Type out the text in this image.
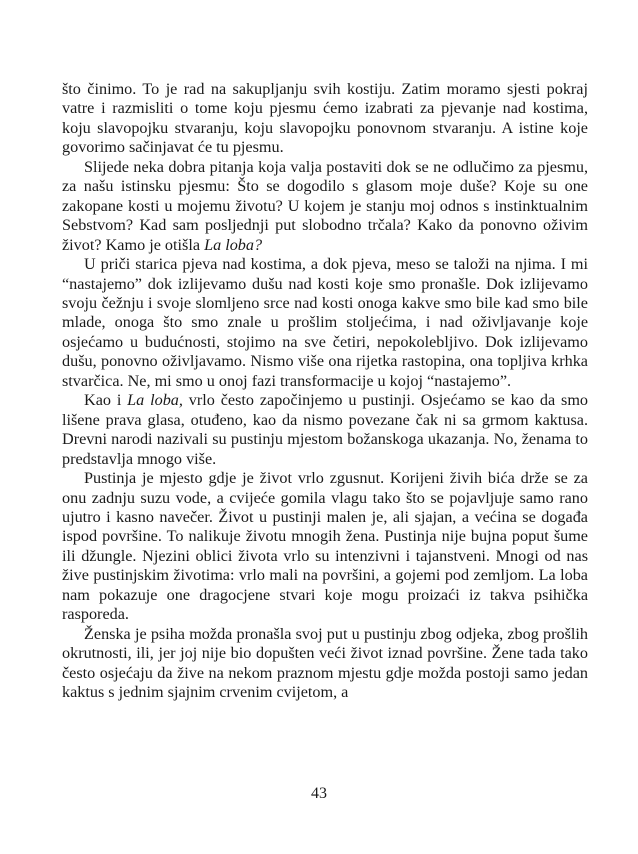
što činimo. To je rad na sakupljanju svih kostiju. Zatim moramo sjesti pokraj vatre i razmisliti o tome koju pjesmu ćemo izabrati za pjevanje nad kostima, koju slavopojku stvaranju, koju slavopojku ponovnom stvaranju. A istine koje govorimo sačinjavat će tu pjesmu.

Slijede neka dobra pitanja koja valja postaviti dok se ne odlučimo za pjesmu, za našu istinsku pjesmu: Što se dogodilo s glasom moje duše? Koje su one zakopane kosti u mojemu životu? U kojem je stanju moj odnos s instinktualnim Sebstvom? Kad sam posljednji put slobodno trčala? Kako da ponovno oživim život? Kamo je otišla La loba?

U priči starica pjeva nad kostima, a dok pjeva, meso se taloži na njima. I mi “nastajemo” dok izlijevamo dušu nad kosti koje smo pronašle. Dok izlijevamo svoju čežnju i svoje slomljeno srce nad kosti onoga kakve smo bile kad smo bile mlade, onoga što smo znale u prošlim stoljećima, i nad oživljavanje koje osjećamo u budućnosti, stojimo na sve četiri, nepokolebljivo. Dok izlijevamo dušu, ponovno oživljavamo. Nismo više ona rijetka rastopina, ona topljiva krhka stvarčica. Ne, mi smo u onoj fazi transformacije u kojoj “nastajemo”.

Kao i La loba, vrlo često započinjemo u pustinji. Osjećamo se kao da smo lišene prava glasa, otuđeno, kao da nismo povezane čak ni sa grmom kaktusa. Drevni narodi nazivali su pustinju mjestom božanskoga ukazanja. No, ženama to predstavlja mnogo više.

Pustinja je mjesto gdje je život vrlo zgusnut. Korijeni živih bića drže se za onu zadnju suzu vode, a cvijeće gomila vlagu tako što se pojavljuje samo rano ujutro i kasno navečer. Život u pustinji malen je, ali sjajan, a većina se događa ispod površine. To nalikuje životu mnogih žena. Pustinja nije bujna poput šume ili džungle. Njezini oblici života vrlo su intenzivni i tajanstveni. Mnogi od nas žive pustinjskim životima: vrlo mali na površini, a gojemi pod zemljom. La loba nam pokazuje one dragocjene stvari koje mogu proizaći iz takva psihička rasporeda.

Ženska je psiha možda pronašla svoj put u pustinju zbog odjeka, zbog prošlih okrutnosti, ili, jer joj nije bio dopušten veći život iznad površine. Žene tada tako često osjećaju da žive na nekom praznom mjestu gdje možda postoji samo jedan kaktus s jednim sjajnim crvenim cvijetom, a

43
